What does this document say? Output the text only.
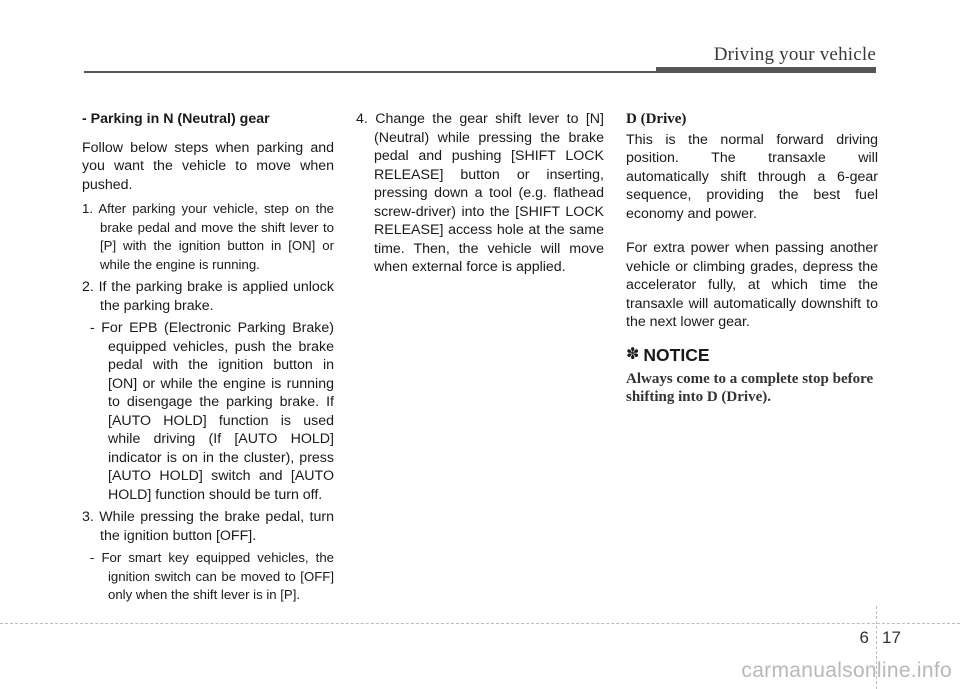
Driving your vehicle
- Parking in N (Neutral) gear

Follow below steps when parking and you want the vehicle to move when pushed.

1. After parking your vehicle, step on the brake pedal and move the shift lever to [P] with the ignition button in [ON] or while the engine is running.
2. If the parking brake is applied unlock the parking brake.
- For EPB (Electronic Parking Brake) equipped vehicles, push the brake pedal with the ignition button in [ON] or while the engine is running to disengage the parking brake. If [AUTO HOLD] function is used while driving (If [AUTO HOLD] indicator is on in the cluster), press [AUTO HOLD] switch and [AUTO HOLD] function should be turn off.
3. While pressing the brake pedal, turn the ignition button [OFF].
- For smart key equipped vehicles, the ignition switch can be moved to [OFF] only when the shift lever is in [P].
4. Change the gear shift lever to [N] (Neutral) while pressing the brake pedal and pushing [SHIFT LOCK RELEASE] button or inserting, pressing down a tool (e.g. flathead screw-driver) into the [SHIFT LOCK RELEASE] access hole at the same time. Then, the vehicle will move when external force is applied.
D (Drive)

This is the normal forward driving position. The transaxle will automatically shift through a 6-gear sequence, providing the best fuel economy and power.

For extra power when passing another vehicle or climbing grades, depress the accelerator fully, at which time the transaxle will automatically downshift to the next lower gear.

✽ NOTICE
Always come to a complete stop before shifting into D (Drive).
6 17
carmanualsonline.info
